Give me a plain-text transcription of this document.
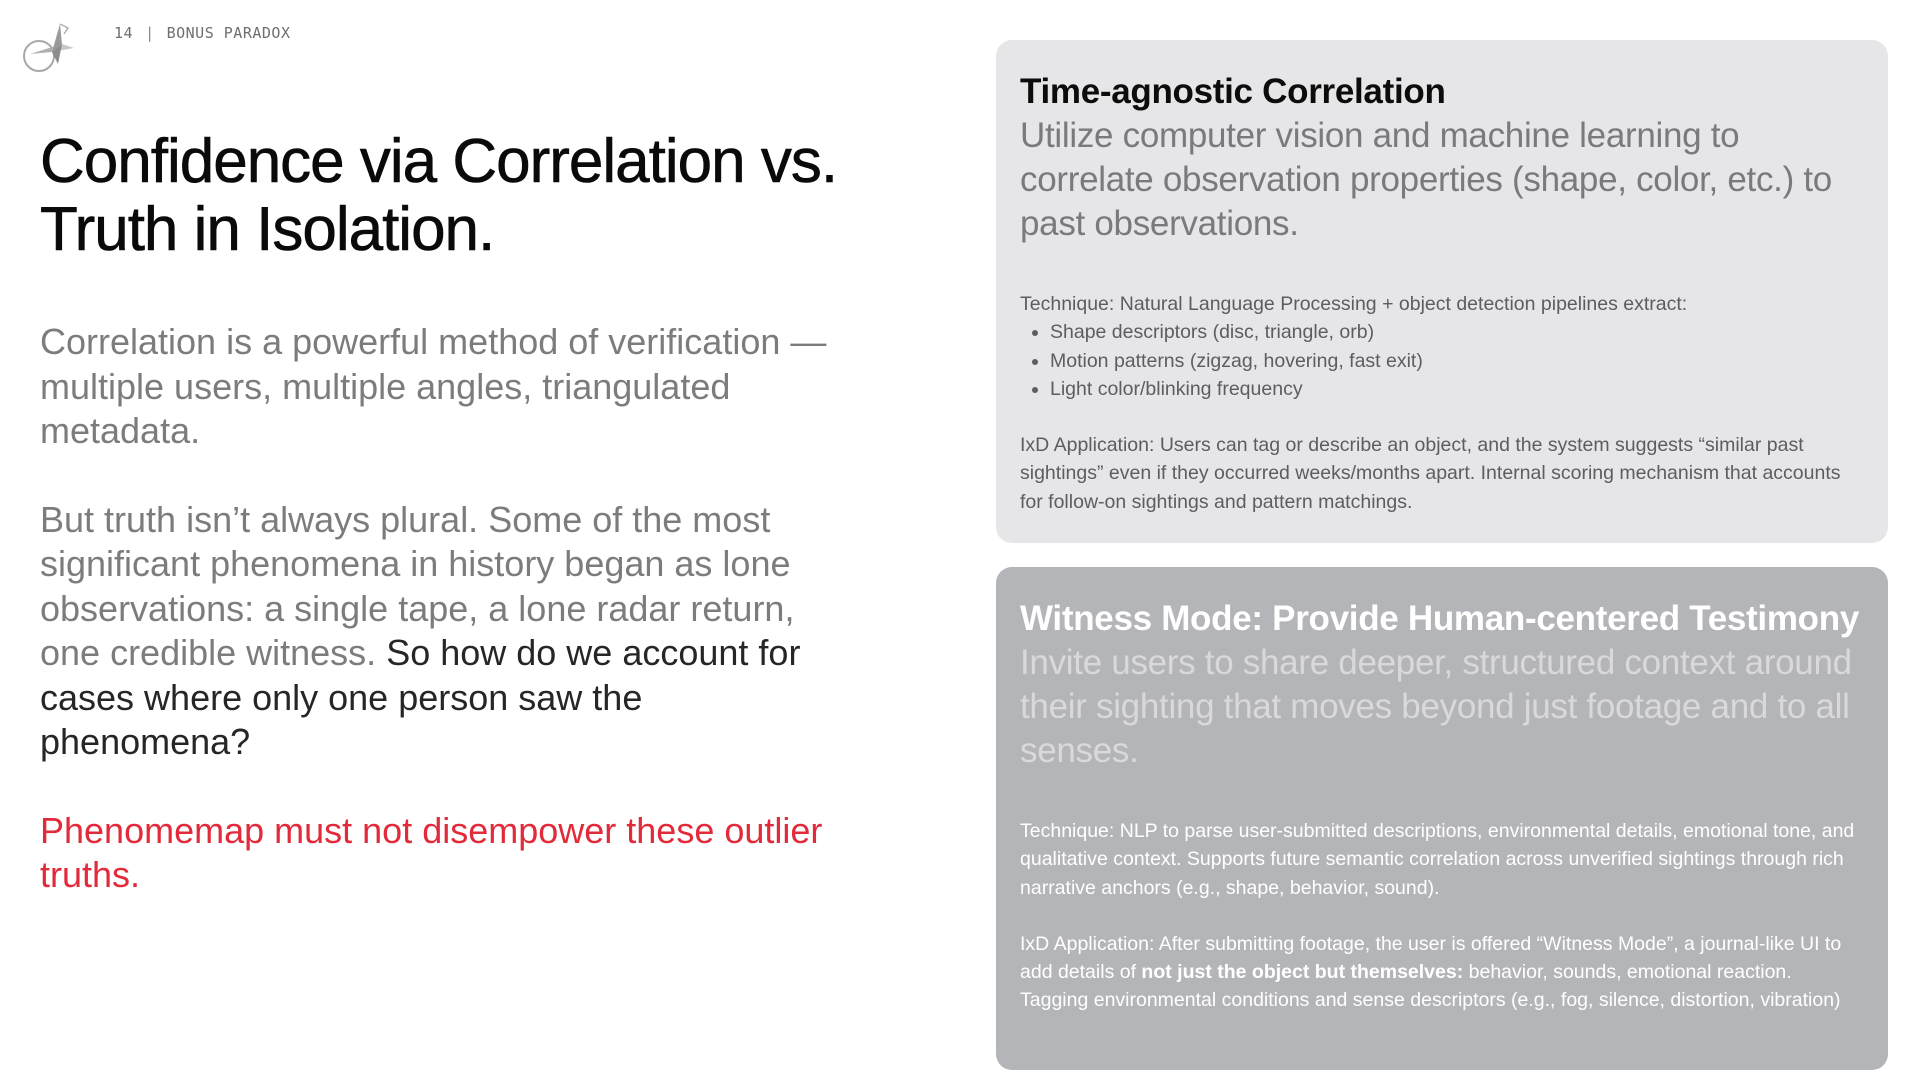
14 | BONUS PARADOX
Confidence via Correlation vs.
Truth in Isolation.

Correlation is a powerful method of verification — multiple users, multiple angles, triangulated metadata.

But truth isn’t always plural. Some of the most significant phenomena in history began as lone observations: a single tape, a lone radar return, one credible witness. So how do we account for cases where only one person saw the phenomena?

Phenomemap must not disempower these outlier truths.

Time-agnostic Correlation

Utilize computer vision and machine learning to correlate observation properties (shape, color, etc.) to past observations.

Technique: Natural Language Processing + object detection pipelines extract:

Shape descriptors (disc, triangle, orb)
Motion patterns (zigzag, hovering, fast exit)
Light color/blinking frequency

IxD Application: Users can tag or describe an object, and the system suggests “similar past sightings” even if they occurred weeks/months apart. Internal scoring mechanism that accounts for follow-on sightings and pattern matchings.

Witness Mode: Provide Human-centered Testimony

Invite users to share deeper, structured context around their sighting that moves beyond just footage and to all senses.

Technique: NLP to parse user-submitted descriptions, environmental details, emotional tone, and qualitative context. Supports future semantic correlation across unverified sightings through rich narrative anchors (e.g., shape, behavior, sound).

IxD Application: After submitting footage, the user is offered “Witness Mode”, a journal-like UI to add details of not just the object but themselves: behavior, sounds, emotional reaction. Tagging environmental conditions and sense descriptors (e.g., fog, silence, distortion, vibration)
